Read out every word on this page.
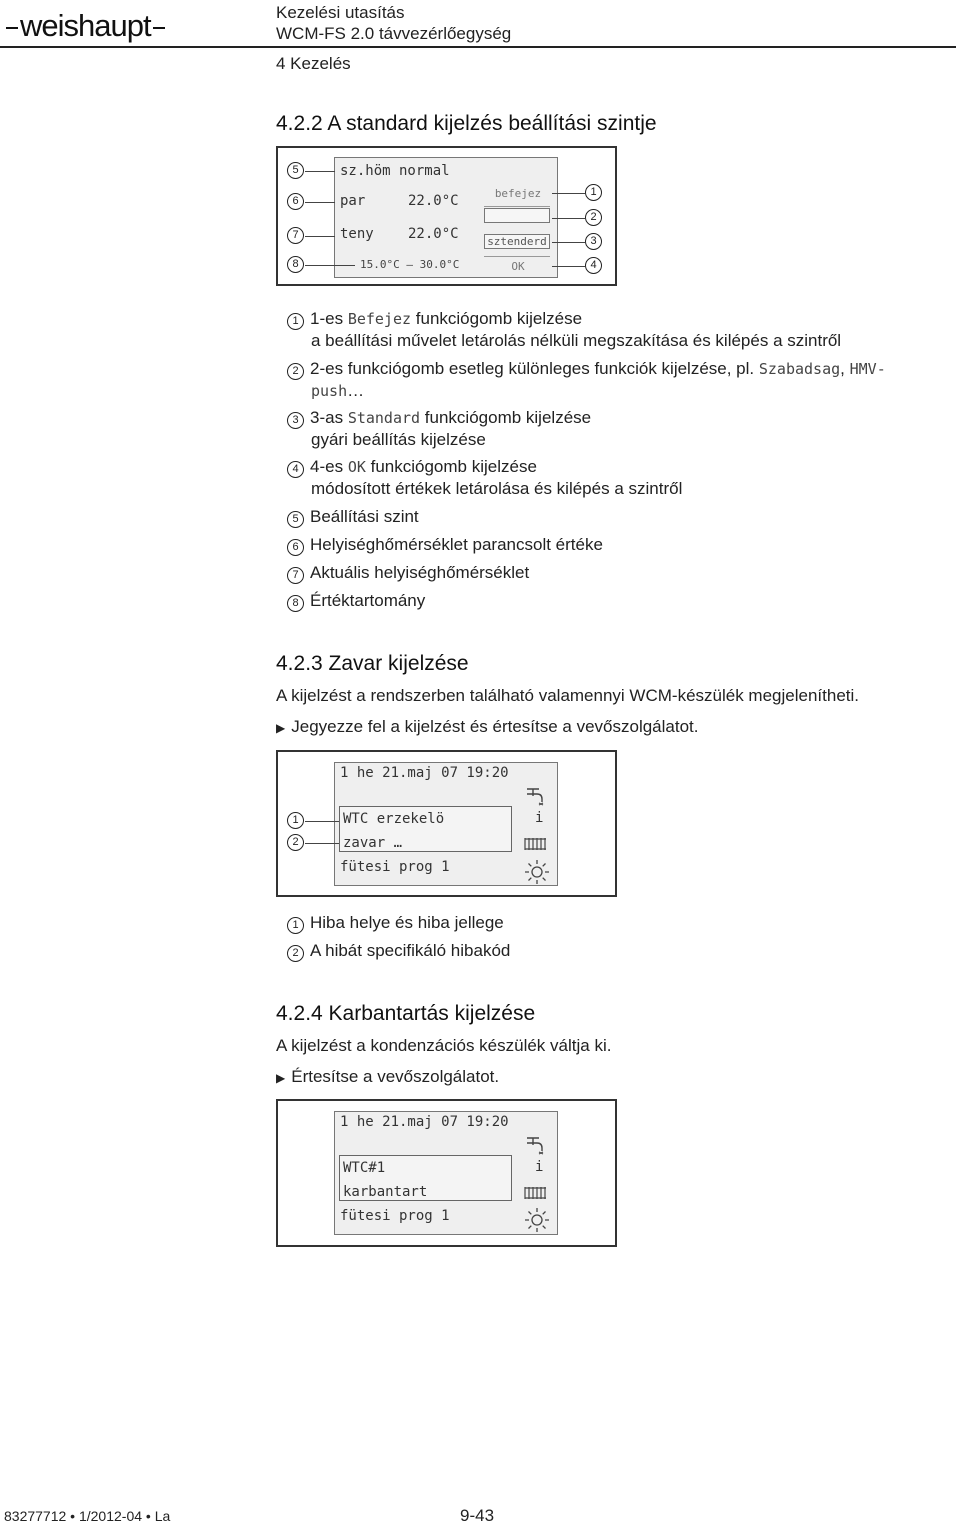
weishaupt	Kezelési utasítás
WCM-FS 2.0 távvezérlőegység
4 Kezelés
4.2.2 A standard kijelzés beállítási szintje
5
6
7
8
sz.höm normal
par	22.0°C
teny 22.0°C
15.0°C – 30.0°C
befejez
sztenderd
OK
1
2
3
4
1 1-es Befejez funkciógomb kijelzése
a beállítási művelet letárolás nélküli megszakítása és kilépés a szintről
2 2-es funkciógomb esetleg különleges funkciók kijelzése, pl. Szabadsag, HMV-
push…
3 3-as Standard funkciógomb kijelzése
gyári beállítás kijelzése
4 4-es OK funkciógomb kijelzése
módosított értékek letárolása és kilépés a szintről
5 Beállítási szint
6 Helyiséghőmérséklet parancsolt értéke
7 Aktuális helyiséghőmérséklet
8 Értéktartomány
4.2.3 Zavar kijelzése
A kijelzést a rendszerben található valamennyi WCM-készülék megjelenítheti.
▶ Jegyezze fel a kijelzést és értesítse a vevőszolgálatot.
1 he 21.maj 07 19:20
WTC erzekelö
zavar …
fütesi prog 1
i
1
2
1 Hiba helye és hiba jellege
2 A hibát specifikáló hibakód
4.2.4 Karbantartás kijelzése
A kijelzést a kondenzációs készülék váltja ki.
▶ Értesítse a vevőszolgálatot.
1 he 21.maj 07 19:20
WTC#1
karbantart
fütesi prog 1
i
83277712 • 1/2012-04 • La	9-43
